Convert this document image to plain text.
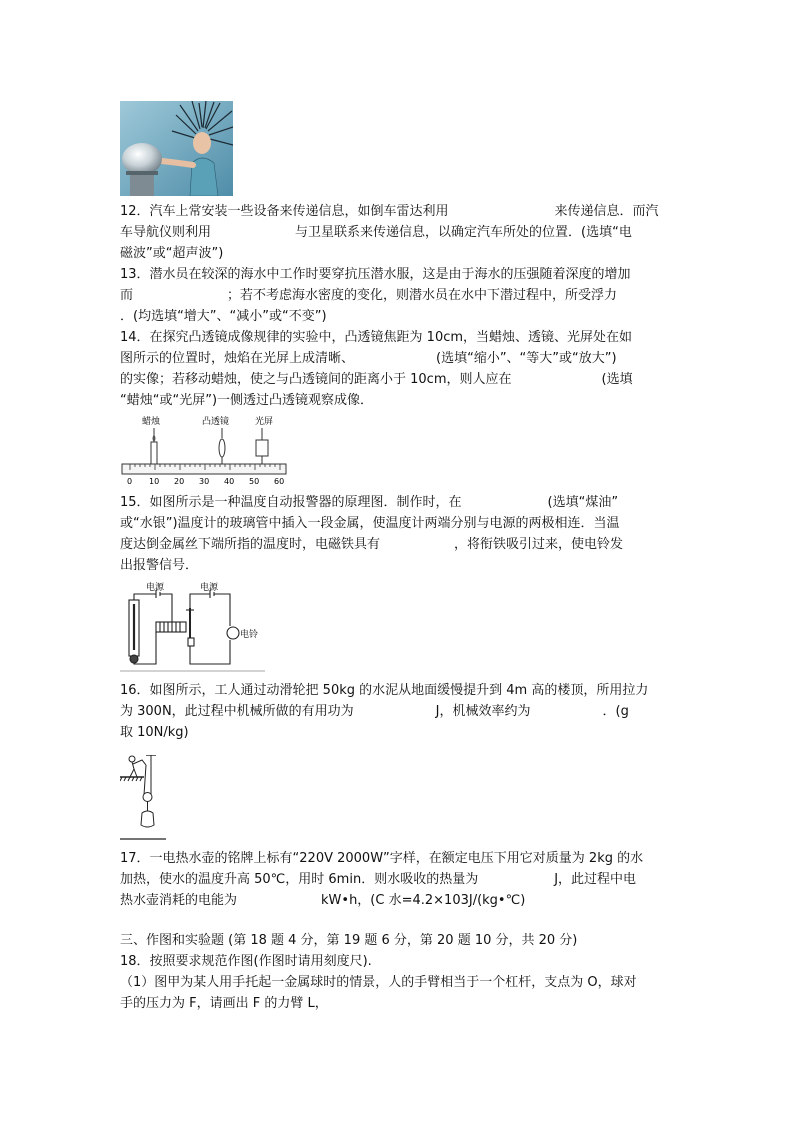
12．汽车上常安装一些设备来传递信息，如倒车雷达利用	来传递信息．而汽

车导航仪则利用	与卫星联系来传递信息，以确定汽车所处的位置．(选填“电

磁波”或“超声波”)

13．潜水员在较深的海水中工作时要穿抗压潜水服，这是由于海水的压强随着深度的增加

而	；若不考虑海水密度的变化，则潜水员在水中下潜过程中，所受浮力

．(均选填“增大”、“减小”或“不变”)

14．在探究凸透镜成像规律的实验中，凸透镜焦距为 10cm，当蜡烛、透镜、光屏处在如

图所示的位置时，烛焰在光屏上成清晰、	(选填“缩小”、“等大”或“放大”)

的实像；若移动蜡烛，使之与凸透镜间的距离小于 10cm，则人应在	(选填

“蜡烛“或“光屏”)一侧透过凸透镜观察成像．

蜡烛	凸透镜	光屏
0 10 20 30 40 50 60

15．如图所示是一种温度自动报警器的原理图．制作时，在	(选填“煤油”

或“水银”)温度计的玻璃管中插入一段金属，使温度计两端分别与电源的两极相连．当温

度达倒金属丝下端所指的温度时，电磁铁具有	，将衔铁吸引过来，使电铃发

出报警信号．

电源	电源
电铃

16．如图所示，工人通过动滑轮把 50kg 的水泥从地面缓慢提升到 4m 高的楼顶，所用拉力

为 300N，此过程中机械所做的有用功为	J，机械效率约为	．(g

取 10N/kg)

17．一电热水壶的铭牌上标有“220V 2000W”字样，在额定电压下用它对质量为 2kg 的水

加热，使水的温度升高 50℃，用时 6min．则水吸收的热量为	J，此过程中电

热水壶消耗的电能为	kW•h，(C 水=4.2×103J/(kg•℃)

三、作图和实验题 (第 18 题 4 分，第 19 题 6 分，第 20 题 10 分，共 20 分)

18．按照要求规范作图(作图时请用刻度尺).

（1）图甲为某人用手托起一金属球时的情景，人的手臂相当于一个杠杆，支点为 O，球对

手的压力为 F，请画出 F 的力臂 L，
